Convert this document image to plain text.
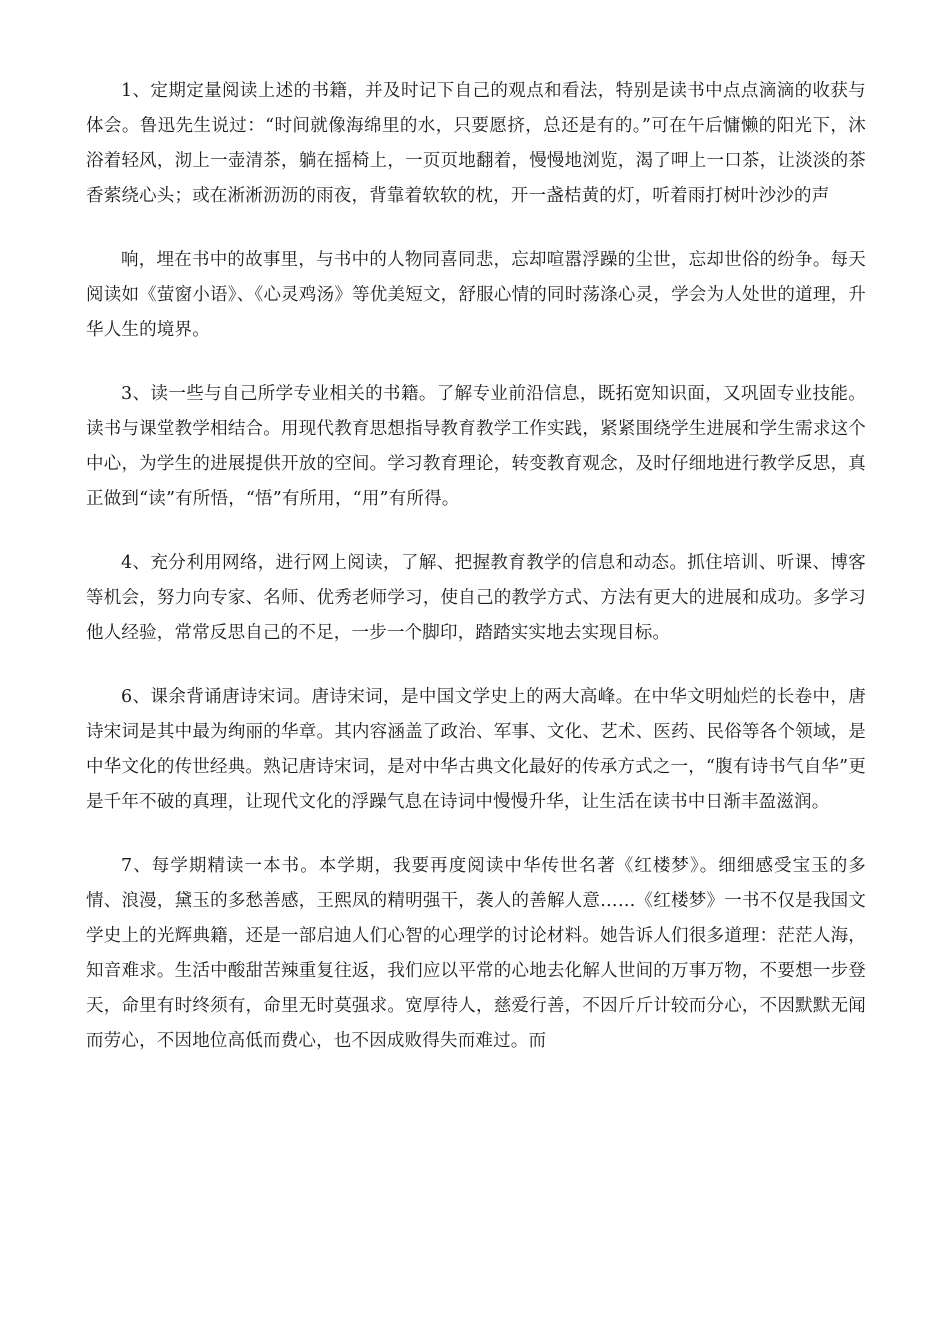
1、定期定量阅读上述的书籍，并及时记下自己的观点和看法，特别是读书中点点滴滴的收获与体会。鲁迅先生说过：“时间就像海绵里的水，只要愿挤，总还是有的。”可在午后慵懒的阳光下，沐浴着轻风，沏上一壶清茶，躺在摇椅上，一页页地翻着，慢慢地浏览，渴了呷上一口茶，让淡淡的茶香萦绕心头；或在淅淅沥沥的雨夜，背靠着软软的枕，开一盏桔黄的灯，听着雨打树叶沙沙的声

响，埋在书中的故事里，与书中的人物同喜同悲，忘却喧嚣浮躁的尘世，忘却世俗的纷争。每天阅读如《萤窗小语》、《心灵鸡汤》等优美短文，舒服心情的同时荡涤心灵，学会为人处世的道理，升华人生的境界。

3、读一些与自己所学专业相关的书籍。了解专业前沿信息，既拓宽知识面，又巩固专业技能。读书与课堂教学相结合。用现代教育思想指导教育教学工作实践，紧紧围绕学生进展和学生需求这个中心，为学生的进展提供开放的空间。学习教育理论，转变教育观念，及时仔细地进行教学反思，真正做到“读”有所悟，“悟”有所用，“用”有所得。

4、充分利用网络，进行网上阅读，了解、把握教育教学的信息和动态。抓住培训、听课、博客等机会，努力向专家、名师、优秀老师学习，使自己的教学方式、方法有更大的进展和成功。多学习他人经验，常常反思自己的不足，一步一个脚印，踏踏实实地去实现目标。

6、课余背诵唐诗宋词。唐诗宋词，是中国文学史上的两大高峰。在中华文明灿烂的长卷中，唐诗宋词是其中最为绚丽的华章。其内容涵盖了政治、军事、文化、艺术、医药、民俗等各个领域，是中华文化的传世经典。熟记唐诗宋词，是对中华古典文化最好的传承方式之一，“腹有诗书气自华”更是千年不破的真理，让现代文化的浮躁气息在诗词中慢慢升华，让生活在读书中日渐丰盈滋润。

7、每学期精读一本书。本学期，我要再度阅读中华传世名著《红楼梦》。细细感受宝玉的多情、浪漫，黛玉的多愁善感，王熙凤的精明强干，袭人的善解人意……《红楼梦》一书不仅是我国文学史上的光辉典籍，还是一部启迪人们心智的心理学的讨论材料。她告诉人们很多道理：茫茫人海，知音难求。生活中酸甜苦辣重复往返，我们应以平常的心地去化解人世间的万事万物，不要想一步登天，命里有时终须有，命里无时莫强求。宽厚待人，慈爱行善，不因斤斤计较而分心，不因默默无闻而劳心，不因地位高低而费心，也不因成败得失而难过。而
